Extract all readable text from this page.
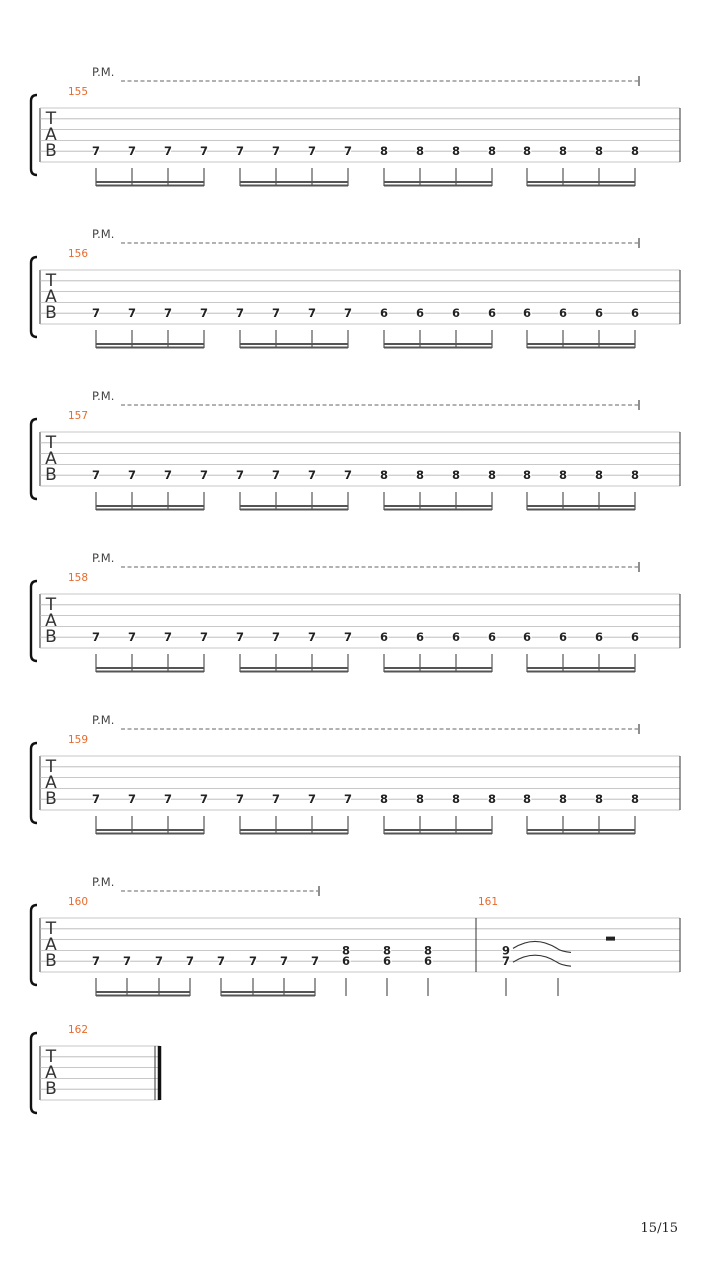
T
A
B
155
P.M.
7 7 7 7 7 7 7 7 8 8 8 8 8 8 8 8
T
A
B
156
P.M.
7 7 7 7 7 7 7 7 6 6 6 6 6 6 6 6
T
A
B
157
P.M.
7 7 7 7 7 7 7 7 8 8 8 8 8 8 8 8
T
A
B
158
P.M.
7 7 7 7 7 7 7 7 6 6 6 6 6 6 6 6
T
A
B
159
P.M.
7 7 7 7 7 7 7 7 8 8 8 8 8 8 8 8
T
A
B
160
P.M.
7 7 7 7 7 7 7 7
8
6
8
6
8
6
161
9
7
T
A
B
162
15/15
